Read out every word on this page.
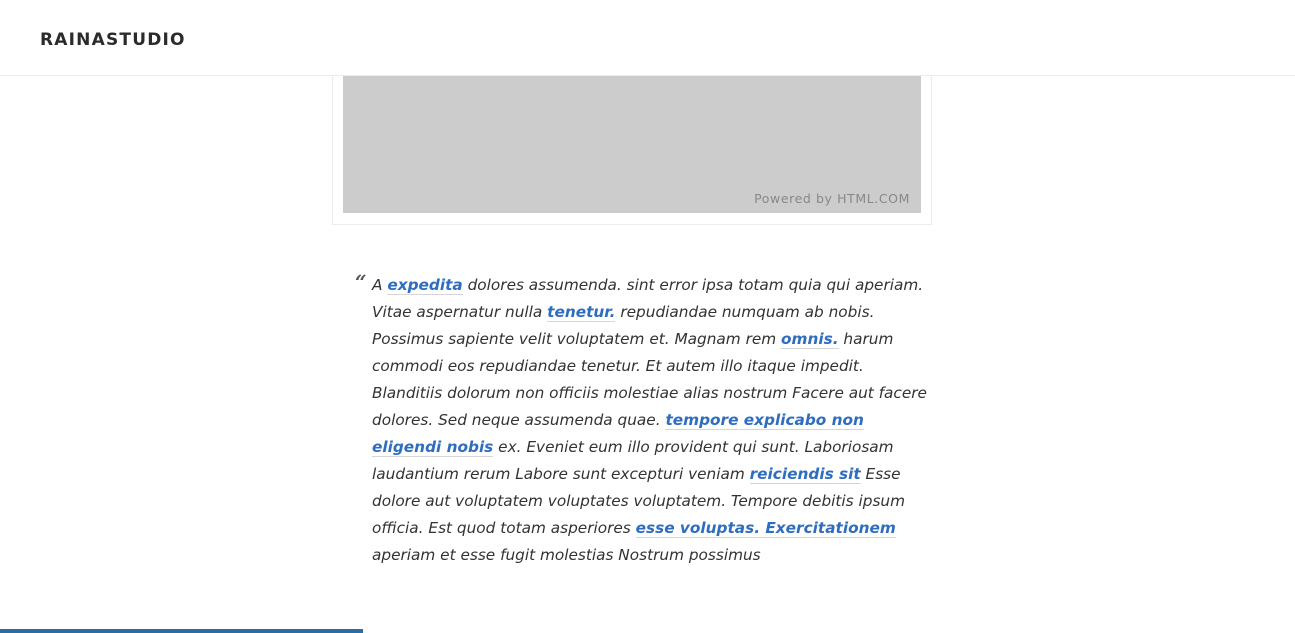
RAINASTUDIO
Powered by HTML.COM
“ A expedita dolores assumenda. sint error ipsa totam quia qui aperiam. Vitae aspernatur nulla tenetur. repudiandae numquam ab nobis. Possimus sapiente velit voluptatem et. Magnam rem omnis. harum commodi eos repudiandae tenetur. Et autem illo itaque impedit. Blanditiis dolorum non officiis molestiae alias nostrum Facere aut facere dolores. Sed neque assumenda quae. tempore explicabo non eligendi nobis ex. Eveniet eum illo provident qui sunt. Laboriosam laudantium rerum Labore sunt excepturi veniam reiciendis sit Esse dolore aut voluptatem voluptates voluptatem. Tempore debitis ipsum officia. Est quod totam asperiores esse voluptas. Exercitationem aperiam et esse fugit molestias Nostrum possimus
